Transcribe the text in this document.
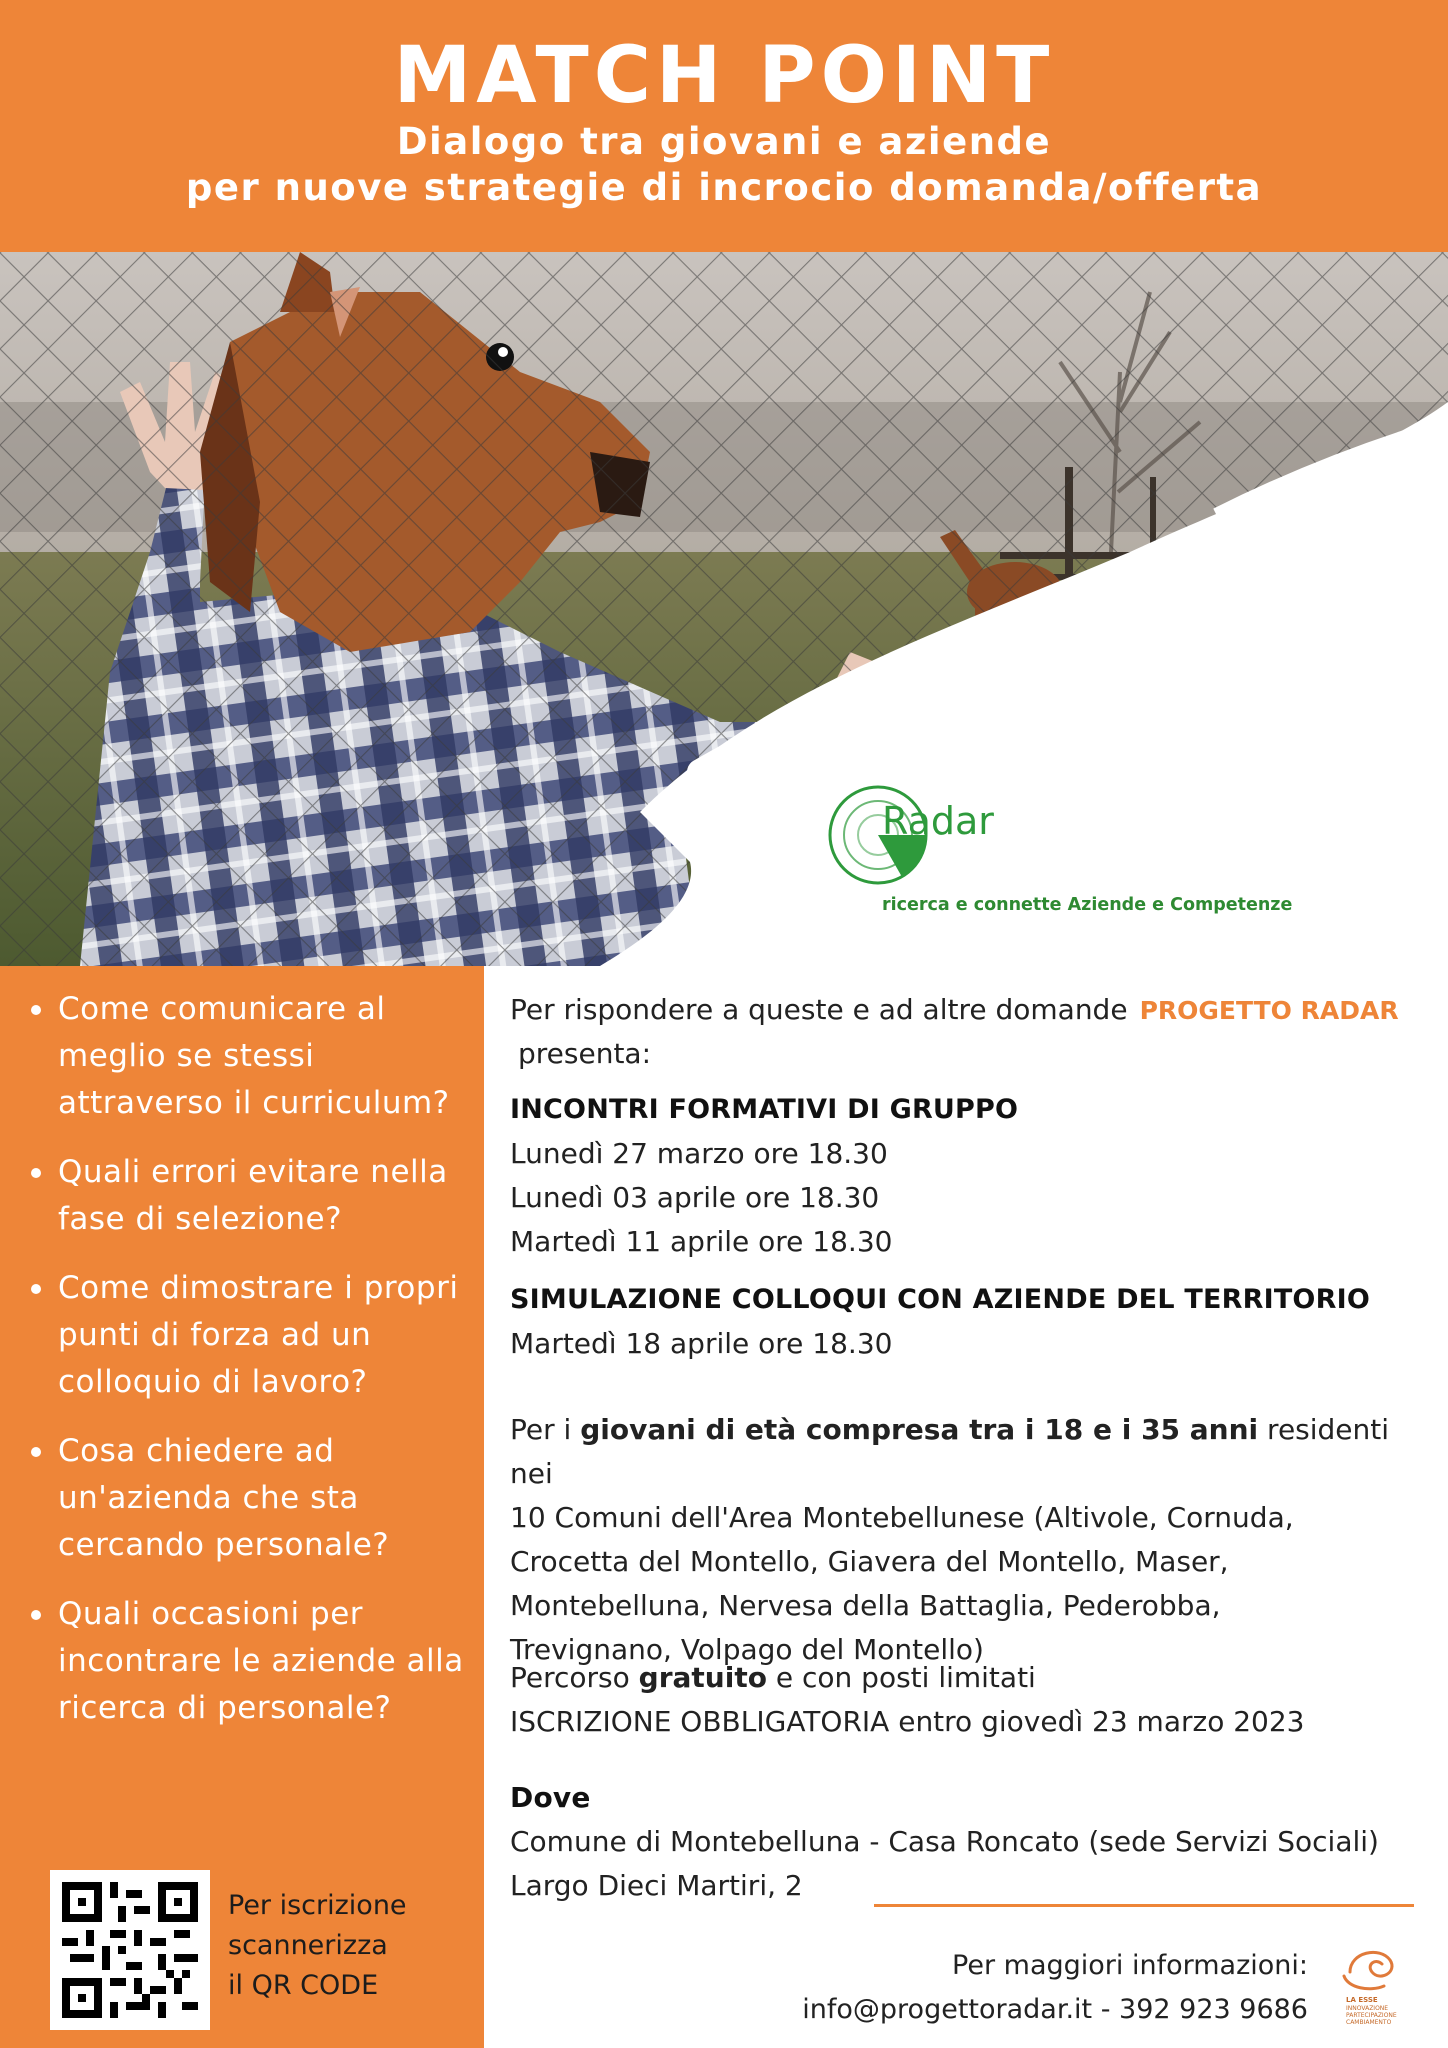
MATCH POINT
Dialogo tra giovani e aziende
per nuove strategie di incrocio domanda/offerta
Radar
ricerca e connette Aziende e Competenze
Come comunicare al meglio se stessi attraverso il curriculum?
Quali errori evitare nella fase di selezione?
Come dimostrare i propri punti di forza ad un colloquio di lavoro?
Cosa chiedere ad un'azienda che sta cercando personale?
Quali occasioni per incontrare le aziende alla ricerca di personale?
Per iscrizione
scannerizza
il QR CODE
Per rispondere a queste e ad altre domande PROGETTO RADAR
presenta:
INCONTRI FORMATIVI DI GRUPPO
Lunedì 27 marzo ore 18.30
Lunedì 03 aprile ore 18.30
Martedì 11 aprile ore 18.30
SIMULAZIONE COLLOQUI CON AZIENDE DEL TERRITORIO
Martedì 18 aprile ore 18.30
Per i giovani di età compresa tra i 18 e i 35 anni residenti nei
10 Comuni dell'Area Montebellunese (Altivole, Cornuda,
Crocetta del Montello, Giavera del Montello, Maser,
Montebelluna, Nervesa della Battaglia, Pederobba,
Trevignano, Volpago del Montello)
Percorso gratuito e con posti limitati
ISCRIZIONE OBBLIGATORIA entro giovedì 23 marzo 2023
Dove
Comune di Montebelluna - Casa Roncato (sede Servizi Sociali)
Largo Dieci Martiri, 2
Per maggiori informazioni:
info@progettoradar.it - 392 923 9686	LA ESSE
INNOVAZIONE PARTECIPAZIONE CAMBIAMENTO
